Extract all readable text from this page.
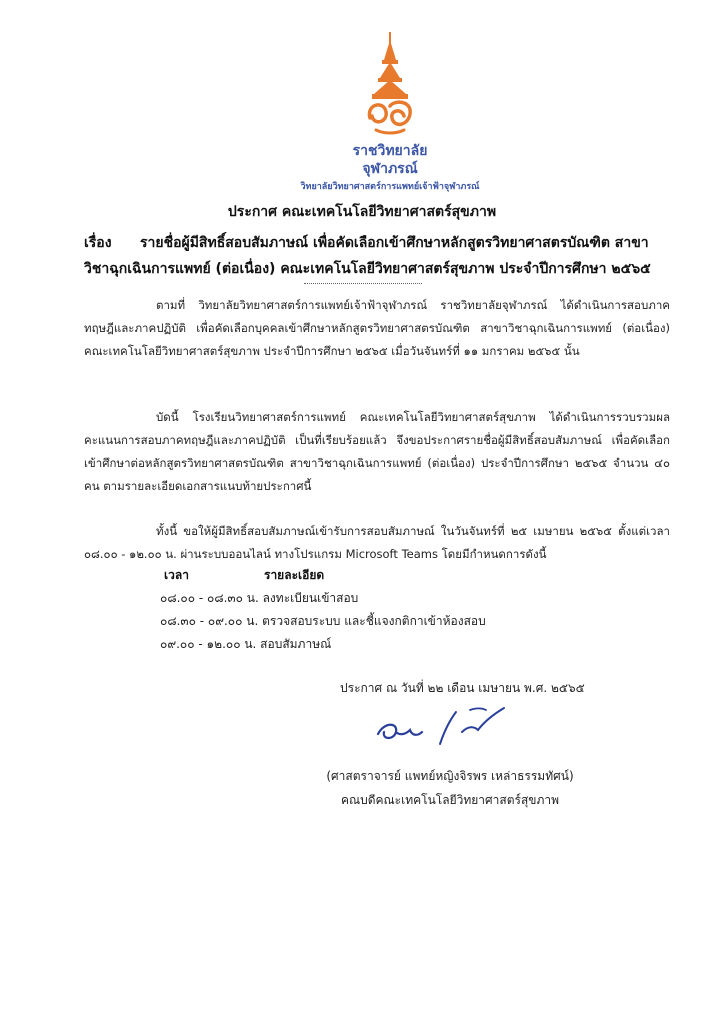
ราชวิทยาลัย
จุฬาภรณ์
วิทยาลัยวิทยาศาสตร์การแพทย์เจ้าฟ้าจุฬาภรณ์
ประกาศ คณะเทคโนโลยีวิทยาศาสตร์สุขภาพ
เรื่อง รายชื่อผู้มีสิทธิ์สอบสัมภาษณ์ เพื่อคัดเลือกเข้าศึกษาหลักสูตรวิทยาศาสตรบัณฑิต สาขา
วิชาฉุกเฉินการแพทย์ (ต่อเนื่อง) คณะเทคโนโลยีวิทยาศาสตร์สุขภาพ ประจำปีการศึกษา ๒๕๖๕
ตามที่ วิทยาลัยวิทยาศาสตร์การแพทย์เจ้าฟ้าจุฬาภรณ์ ราชวิทยาลัยจุฬาภรณ์ ได้ดำเนินการสอบภาคทฤษฎีและภาคปฏิบัติ เพื่อคัดเลือกบุคคลเข้าศึกษาหลักสูตรวิทยาศาสตรบัณฑิต สาขาวิชาฉุกเฉินการแพทย์ (ต่อเนื่อง) คณะเทคโนโลยีวิทยาศาสตร์สุขภาพ ประจำปีการศึกษา ๒๕๖๕ เมื่อวันจันทร์ที่ ๑๑ มกราคม ๒๕๖๕ นั้น
บัดนี้ โรงเรียนวิทยาศาสตร์การแพทย์ คณะเทคโนโลยีวิทยาศาสตร์สุขภาพ ได้ดำเนินการรวบรวมผลคะแนนการสอบภาคทฤษฎีและภาคปฏิบัติ เป็นที่เรียบร้อยแล้ว จึงขอประกาศรายชื่อผู้มีสิทธิ์สอบสัมภาษณ์ เพื่อคัดเลือกเข้าศึกษาต่อหลักสูตรวิทยาศาสตรบัณฑิต สาขาวิชาฉุกเฉินการแพทย์ (ต่อเนื่อง) ประจำปีการศึกษา ๒๕๖๕ จำนวน ๔๐ คน ตามรายละเอียดเอกสารแนบท้ายประกาศนี้
ทั้งนี้ ขอให้ผู้มีสิทธิ์สอบสัมภาษณ์เข้ารับการสอบสัมภาษณ์ ในวันจันทร์ที่ ๒๕ เมษายน ๒๕๖๕ ตั้งแต่เวลา ๐๘.๐๐ - ๑๒.๐๐ น. ผ่านระบบออนไลน์ ทางโปรแกรม Microsoft Teams โดยมีกำหนดการดังนี้
เวลา	รายละเอียด
๐๘.๐๐ - ๐๘.๓๐ น. ลงทะเบียนเข้าสอบ
๐๘.๓๐ - ๐๙.๐๐ น. ตรวจสอบระบบ และชี้แจงกติกาเข้าห้องสอบ
๐๙.๐๐ - ๑๒.๐๐ น. สอบสัมภาษณ์
ประกาศ ณ วันที่ ๒๒ เดือน เมษายน พ.ศ. ๒๕๖๕
(ศาสตราจารย์ แพทย์หญิงจิรพร เหล่าธรรมทัศน์)
คณบดีคณะเทคโนโลยีวิทยาศาสตร์สุขภาพ
